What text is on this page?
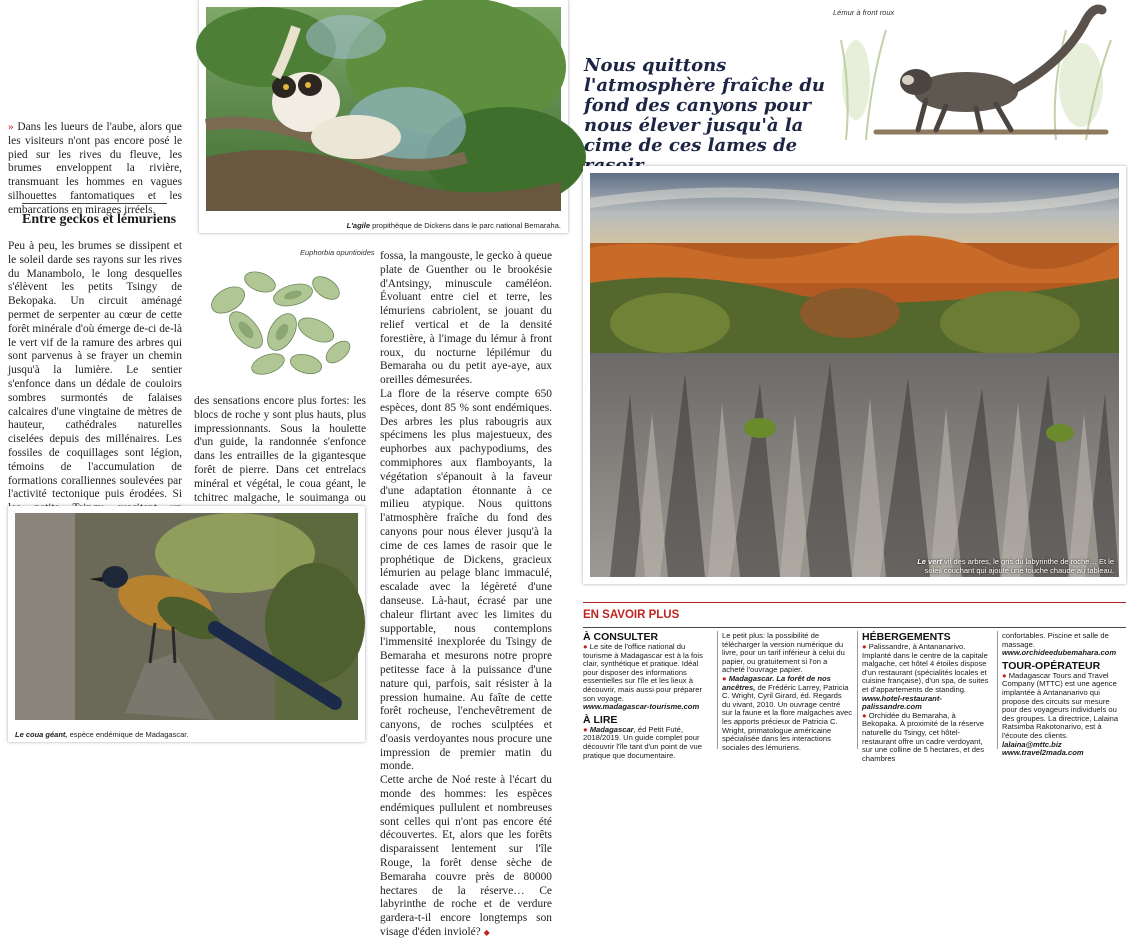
L'agile propithèque de Dickens dans le parc national Bemaraha.
» Dans les lueurs de l'aube, alors que les visiteurs n'ont pas encore posé le pied sur les rives du fleuve, les brumes enveloppent la rivière, transmuant les hommes en vagues silhouettes fantomatiques et les embarcations en mirages irréels.
Entre geckos et lémuriens
Peu à peu, les brumes se dissipent et le soleil darde ses rayons sur les rives du Manambolo, le long desquelles s'élèvent les petits Tsingy de Bekopaka. Un circuit aménagé permet de serpenter au cœur de cette forêt minérale d'où émerge de-ci de-là le vert vif de la ramure des arbres qui sont parvenus à se frayer un chemin jusqu'à la lumière. Le sentier s'enfonce dans un dédale de couloirs sombres surmontés de falaises calcaires d'une vingtaine de mètres de hauteur, cathédrales naturelles ciselées depuis des millénaires. Les fossiles de coquillages sont légion, témoins de l'accumulation de formations coralliennes soulevées par l'activité tectonique puis érodées. Si
Euphorbia opuntioides
des sensations encore plus fortes: les blocs de roche y sont plus hauts, plus impressionnants. Sous la houlette d'un guide, la randonnée s'enfonce dans les entrailles de la gigantesque forêt de pierre. Dans cet entrelacs minéral et végétal, le coua géant, le tchitrec malgache, le souimanga ou
fossa, la mangouste, le gecko à queue plate de Guenther ou le brookésie d'Antsingy, minuscule caméléon. Évoluant entre ciel et terre, les lémuriens cabriolent, se jouant du relief vertical et de la densité forestière, à l'image du lémur à front roux, du nocturne lépilémur du Bemaraha ou du petit aye-aye, aux oreilles démesurées.
La flore de la réserve compte 650 espèces, dont 85 % sont endémiques. Des arbres les plus rabougris aux spécimens les plus majestueux, des euphorbes aux pachypodiums, des commiphores aux flamboyants, la végétation s'épanouit à la faveur d'une adaptation étonnante à ce milieu atypique. Nous quittons l'atmosphère fraîche du fond des canyons pour nous élever jusqu'à la cime de ces lames de rasoir que le prophétique de Dickens, gracieux lémurien au pelage blanc immaculé, escalade avec la légèreté d'une danseuse. Là-haut, écrasé par une chaleur flirtant avec les limites du supportable, nous contemplons l'immensité inexplorée du Tsingy de Bemaraha et mesurons notre propre petitesse face à la puissance d'une nature qui, parfois, sait résister à la pression humaine. Au faîte de cette forêt rocheuse, l'enchevêtrement de canyons, de roches sculptées et d'oasis verdoyantes nous procure une impression de premier matin du monde.
Cette arche de Noé reste à l'écart du monde des hommes: les espèces endémiques pullulent et nombreuses sont celles qui n'ont pas encore été découvertes. Et, alors que les forêts disparaissent lentement sur l'île Rouge, la forêt dense sèche de Bemaraha couvre près de 80000 hectares de la réserve… Ce labyrinthe de roche et de verdure gardera-t-il encore longtemps son visage d'éden inviolé? ◆
Le coua géant, espèce endémique de Madagascar.
Nous quittons l'atmosphère fraîche du fond des canyons pour nous élever jusqu'à la cime de ces lames de
Lémur à front roux
Le vert vif des arbres, le gris du labyrinthe de roche… Et le soleil couchant qui ajoute une touche chaude au tableau.
EN SAVOIR PLUS
À CONSULTER
● Le site de l'office national du tourisme à Madagascar est à la fois clair, synthétique et pratique. Idéal pour disposer des informations essentielles sur l'île et les lieux à découvrir, mais aussi pour préparer son voyage.
www.madagascar-tourisme.com
À LIRE
● Madagascar, éd Petit Futé, 2018/2019. Un guide complet pour découvrir l'île tant d'un point de vue pratique que documentaire.
Le petit plus: la possibilité de télécharger la version numérique du livre, pour un tarif inférieur à celui du papier, ou gratuitement si l'on a acheté l'ouvrage papier.
● Madagascar. La forêt de nos ancêtres, de Frédéric Larrey, Patricia C. Wright, Cyril Girard, éd. Regards du vivant, 2010. Un ouvrage centré sur la faune et la flore malgaches avec les apports précieux de Patricia C. Wright, primatologue américaine spécialisée dans les interactions sociales des lémuriens.
HÉBERGEMENTS
● Palissandre, à Antananarivo. Implanté dans le centre de la capitale malgache, cet hôtel 4 étoiles dispose d'un restaurant (spécialités locales et cuisine française), d'un spa, de suites et d'appartements de standing.
www.hotel-restaurant-palissandre.com
● Orchidée du Bemaraha, à Bekopaka. À proximité de la réserve naturelle du Tsingy, cet hôtel-restaurant offre un cadre verdoyant, sur une colline de 5 hectares, et des chambres
confortables. Piscine et salle de massage.
www.orchideedubemahara.com
TOUR-OPÉRATEUR
● Madagascar Tours and Travel Company (MTTC) est une agence implantée à Antananarivo qui propose des circuits sur mesure pour des voyageurs individuels ou des groupes. La directrice, Lalaina Ratsimba Rakotonarivo, est à l'écoute des clients.
lalaina@mttc.biz
www.travel2mada.com
